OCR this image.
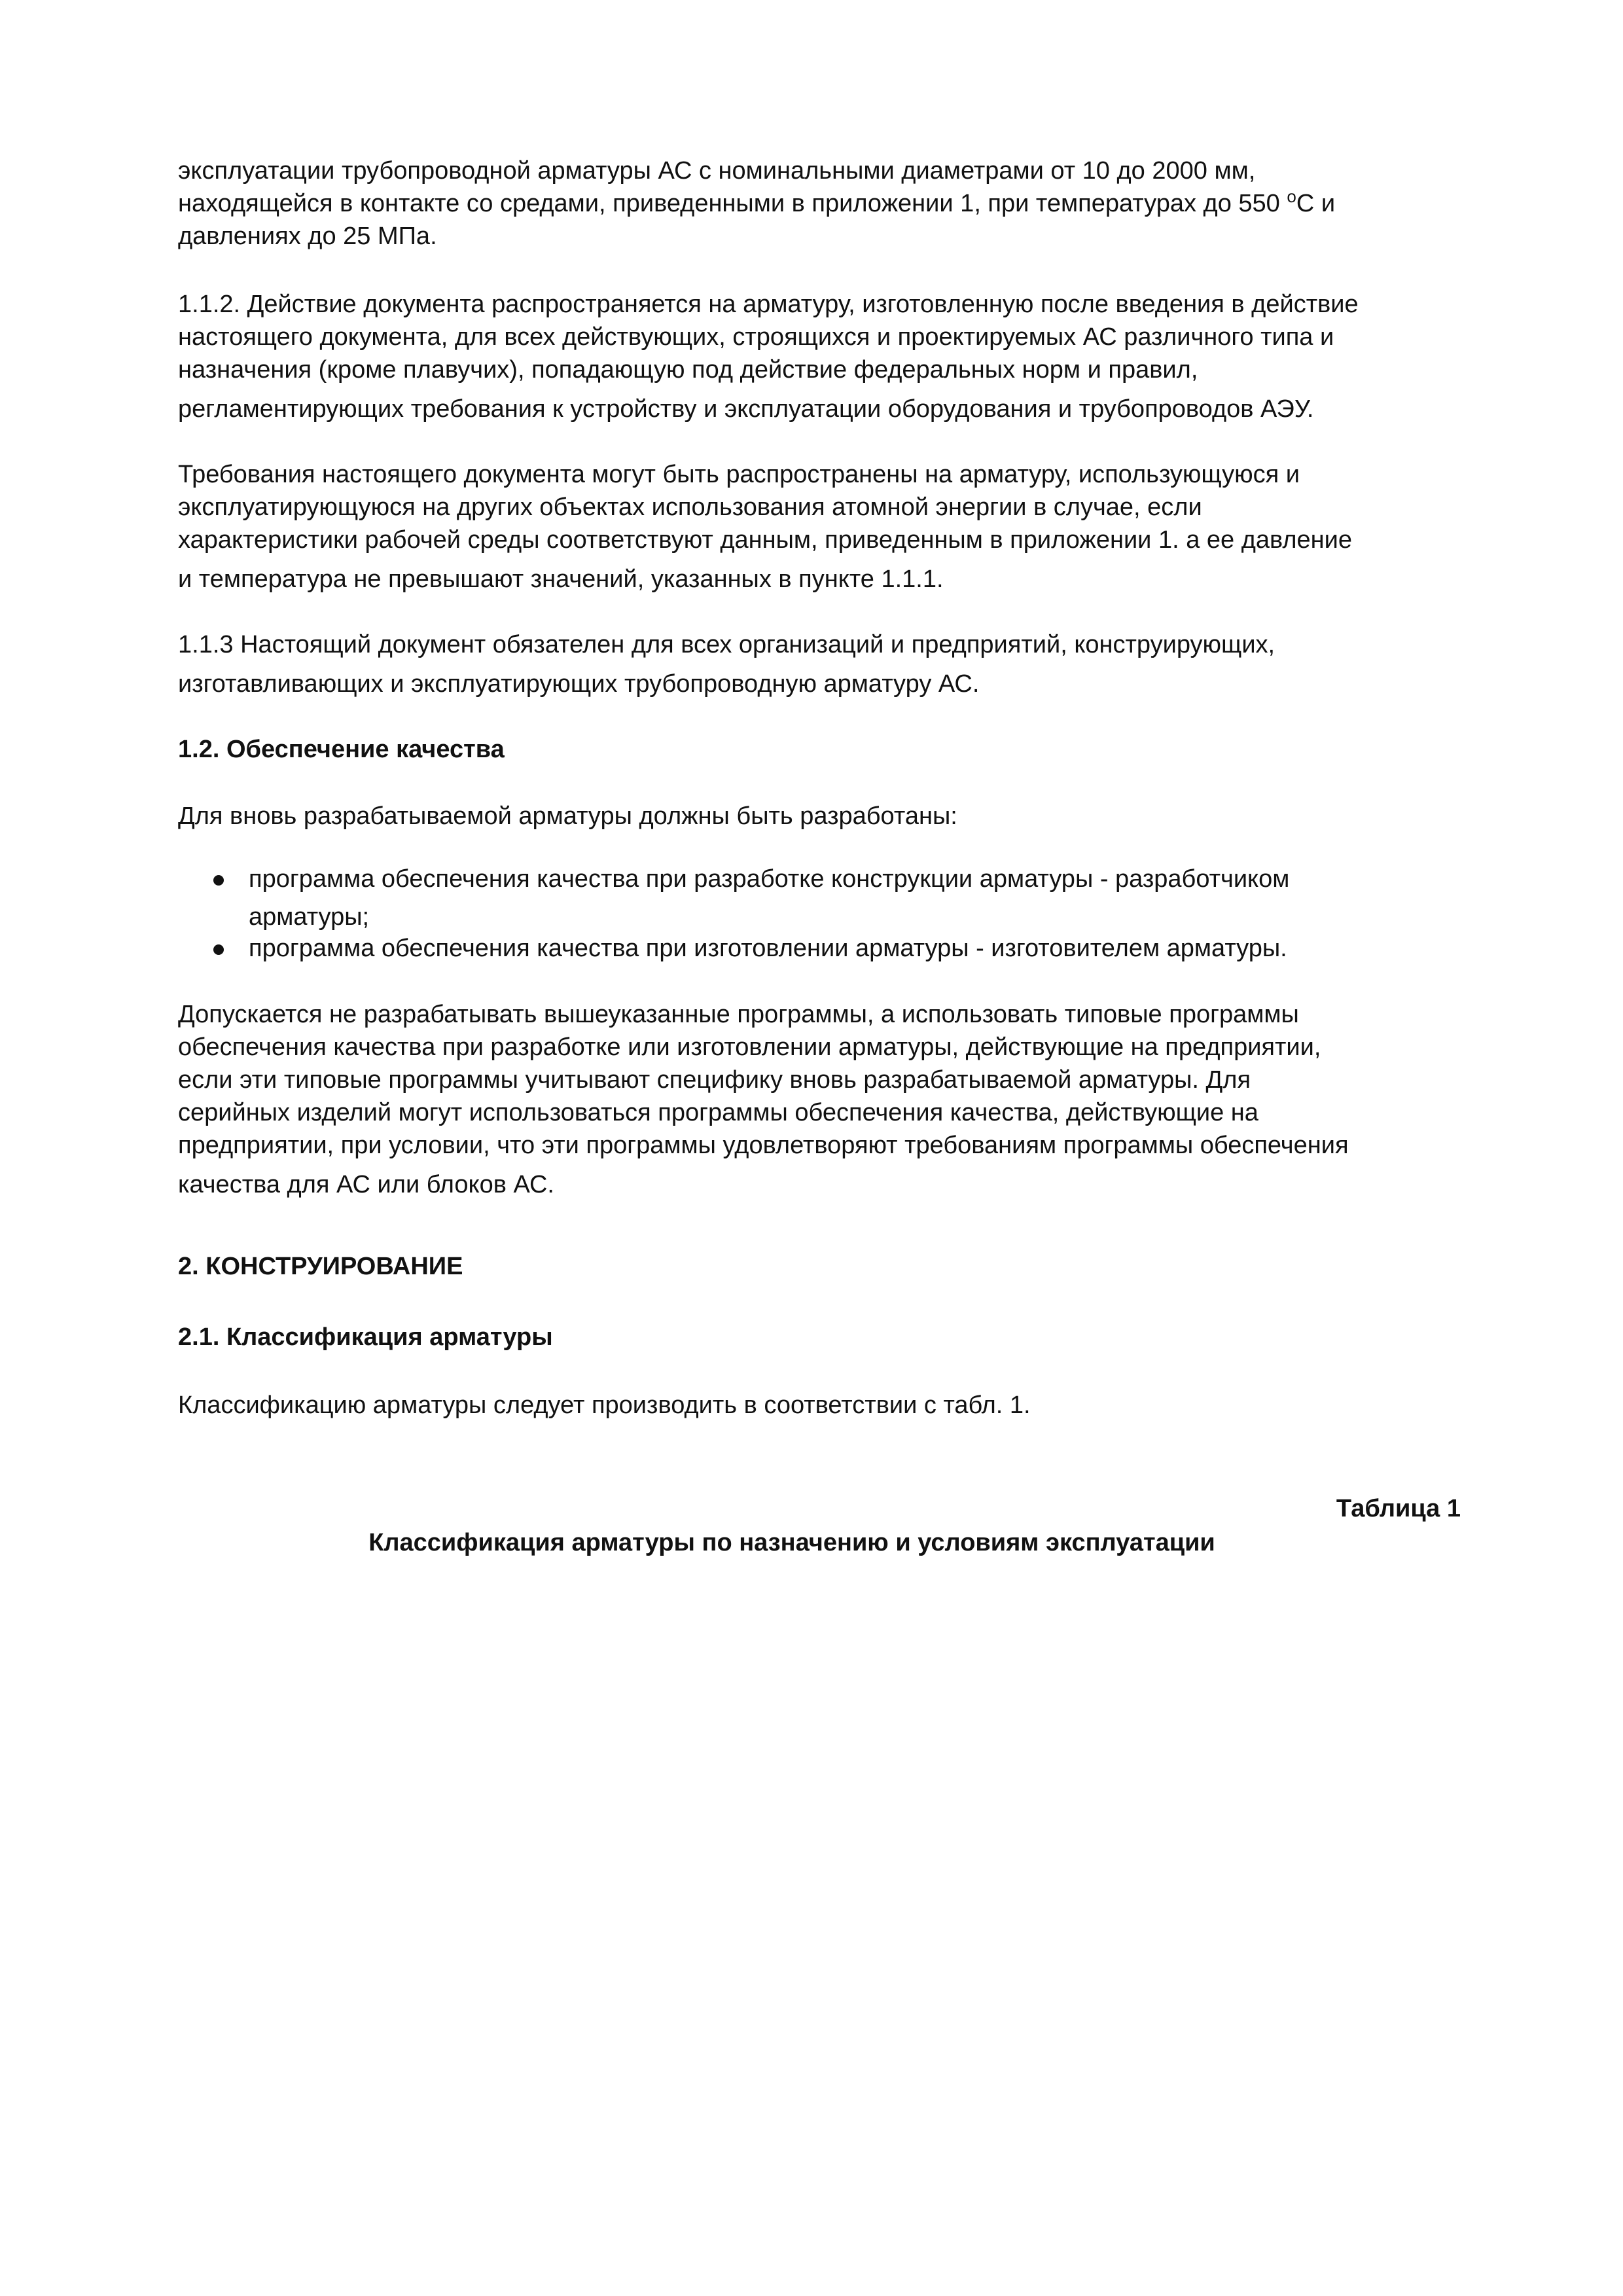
эксплуатации трубопроводной арматуры АС с номинальными диаметрами от 10 до 2000 мм,
находящейся в контакте со средами, приведенными в приложении 1, при температурах до 550 $^о$С и
давлениях до 25 МПа.
1.1.2. Действие документа распространяется на арматуру, изготовленную после введения в действие
настоящего документа, для всех действующих, строящихся и проектируемых АС различного типа и
назначения (кроме плавучих), попадающую под действие федеральных норм и правил,
регламентирующих требования к устройству и эксплуатации оборудования и трубопроводов АЭУ.
Требования настоящего документа могут быть распространены на арматуру, использующуюся и
эксплуатирующуюся на других объектах использования атомной энергии в случае, если
характеристики рабочей среды соответствуют данным, приведенным в приложении 1. а ее давление
и температура не превышают значений, указанных в пункте 1.1.1.
1.1.3 Настоящий документ обязателен для всех организаций и предприятий, конструирующих,
изготавливающих и эксплуатирующих трубопроводную арматуру АС.
1.2. Обеспечение качества
Для вновь разрабатываемой арматуры должны быть разработаны:
программа обеспечения качества при разработке конструкции арматуры - разработчиком
арматуры;
программа обеспечения качества при изготовлении арматуры - изготовителем арматуры.
Допускается не разрабатывать вышеуказанные программы, а использовать типовые программы
обеспечения качества при разработке или изготовлении арматуры, действующие на предприятии,
если эти типовые программы учитывают специфику вновь разрабатываемой арматуры. Для
серийных изделий могут использоваться программы обеспечения качества, действующие на
предприятии, при условии, что эти программы удовлетворяют требованиям программы обеспечения
качества для АС или блоков АС.
2. КОНСТРУИРОВАНИЕ
2.1. Классификация арматуры
Классификацию арматуры следует производить в соответствии с табл. 1.
Таблица 1
Классификация арматуры по назначению и условиям эксплуатации
